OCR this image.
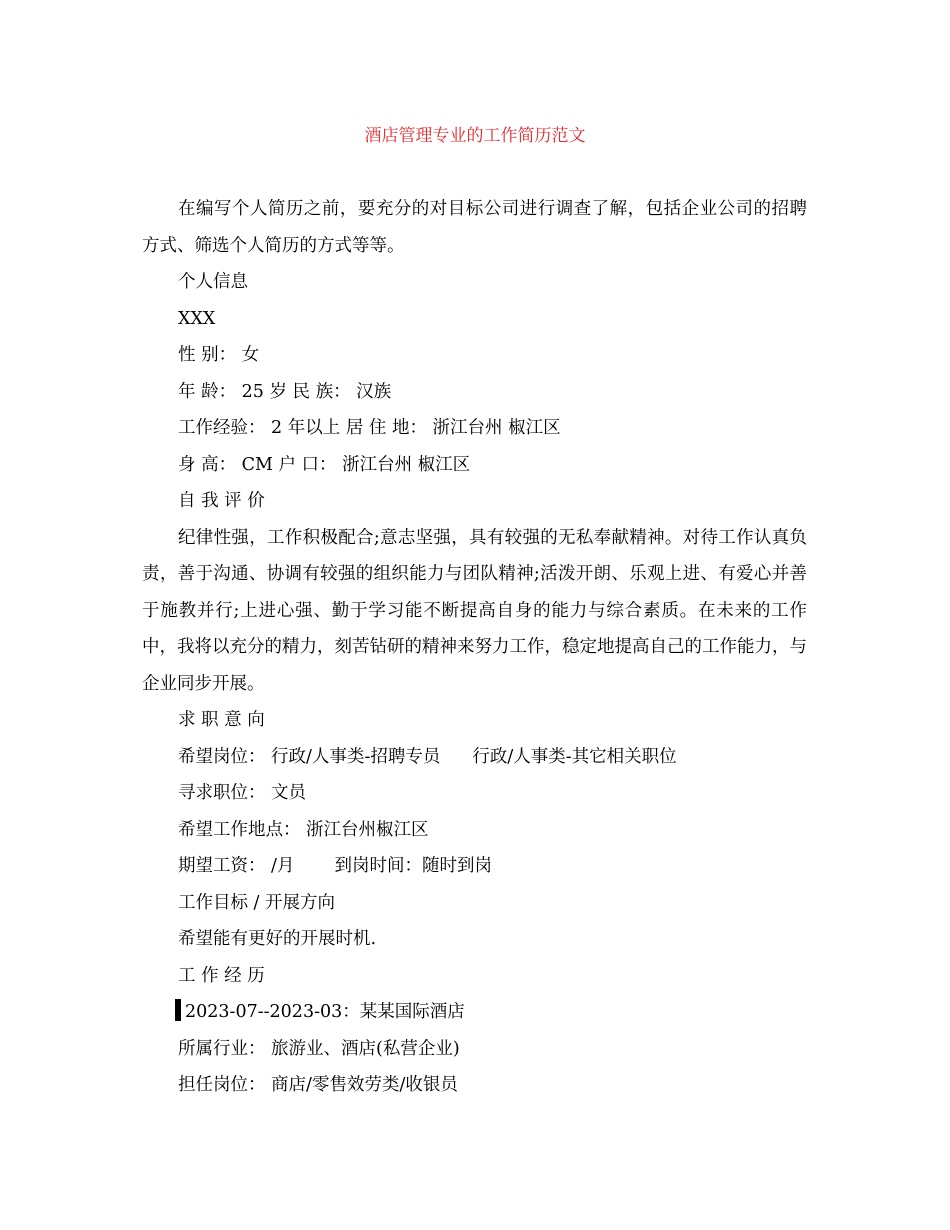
酒店管理专业的工作简历范文

在编写个人简历之前，要充分的对目标公司进行调查了解，包括企业公司的招聘方式、筛选个人简历的方式等等。

个人信息

XXX

性 别： 女

年 龄： 25 岁 民 族： 汉族

工作经验： 2 年以上 居 住 地： 浙江台州 椒江区

身 高： CM 户 口： 浙江台州 椒江区

自 我 评 价

纪律性强，工作积极配合;意志坚强，具有较强的无私奉献精神。对待工作认真负责，善于沟通、协调有较强的组织能力与团队精神;活泼开朗、乐观上进、有爱心并善于施教并行;上进心强、勤于学习能不断提高自身的能力与综合素质。在未来的工作中，我将以充分的精力，刻苦钻研的精神来努力工作，稳定地提高自己的工作能力，与企业同步开展。

求 职 意 向

希望岗位： 行政/人事类-招聘专员 行政/人事类-其它相关职位

寻求职位： 文员

希望工作地点： 浙江台州椒江区

期望工资： /月 到岗时间：随时到岗

工作目标 / 开展方向

希望能有更好的开展时机.

工 作 经 历

2023-07--2023-03：某某国际酒店

所属行业： 旅游业、酒店(私营企业)

担任岗位： 商店/零售效劳类/收银员
